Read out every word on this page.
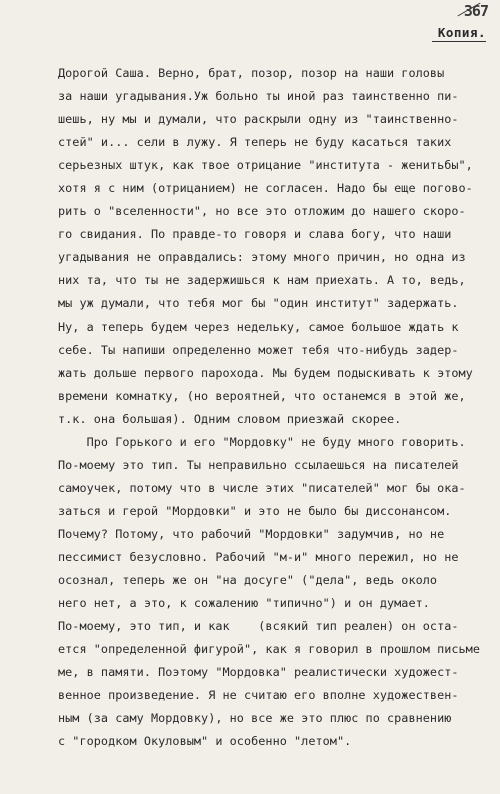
367
Копия.
Дорогой Саша. Верно, брат, позор, позор на наши головы
за наши угадывания.Уж больно ты иной раз таинственно пи-
шешь, ну мы и думали, что раскрыли одну из "таинственно-
стей" и... сели в лужу. Я теперь не буду касаться таких
серьезных штук, как твое отрицание "института - женитьбы",
хотя я с ним (отрицанием) не согласен. Надо бы еще погово-
рить о "вселенности", но все это отложим до нашего скоро-
го свидания. По правде-то говоря и слава богу, что наши
угадывания не оправдались: этому много причин, но одна из
них та, что ты не задержишься к нам приехать. А то, ведь,
мы уж думали, что тебя мог бы "один институт" задержать.
Ну, а теперь будем через недельку, самое большое ждать к
себе. Ты напиши определенно может тебя что-нибудь задер-
жать дольше первого парохода. Мы будем подыскивать к этому
времени комнатку, (но вероятней, что останемся в этой же,
т.к. она большая). Одним словом приезжай скорее.
Про Горького и его "Мордовку" не буду много говорить.
По-моему это тип. Ты неправильно ссылаешься на писателей
самоучек, потому что в числе этих "писателей" мог бы ока-
заться и герой "Мордовки" и это не было бы диссонансом.
Почему? Потому, что рабочий "Мордовки" задумчив, но не
пессимист безусловно. Рабочий "м-и" много пережил, но не
осознал, теперь же он "на досуге" ("дела", ведь около
него нет, а это, к сожалению "типично") и он думает.
По-моему, это тип, и как    (всякий тип реален) он оста-
ется "определенной фигурой", как я говорил в прошлом письме
ме, в памяти. Поэтому "Мордовка" реалистически художест-
венное произведение. Я не считаю его вполне художествен-
ным (за саму Мордовку), но все же это плюс по сравнению
с "городком Окуловым" и особенно "летом".
